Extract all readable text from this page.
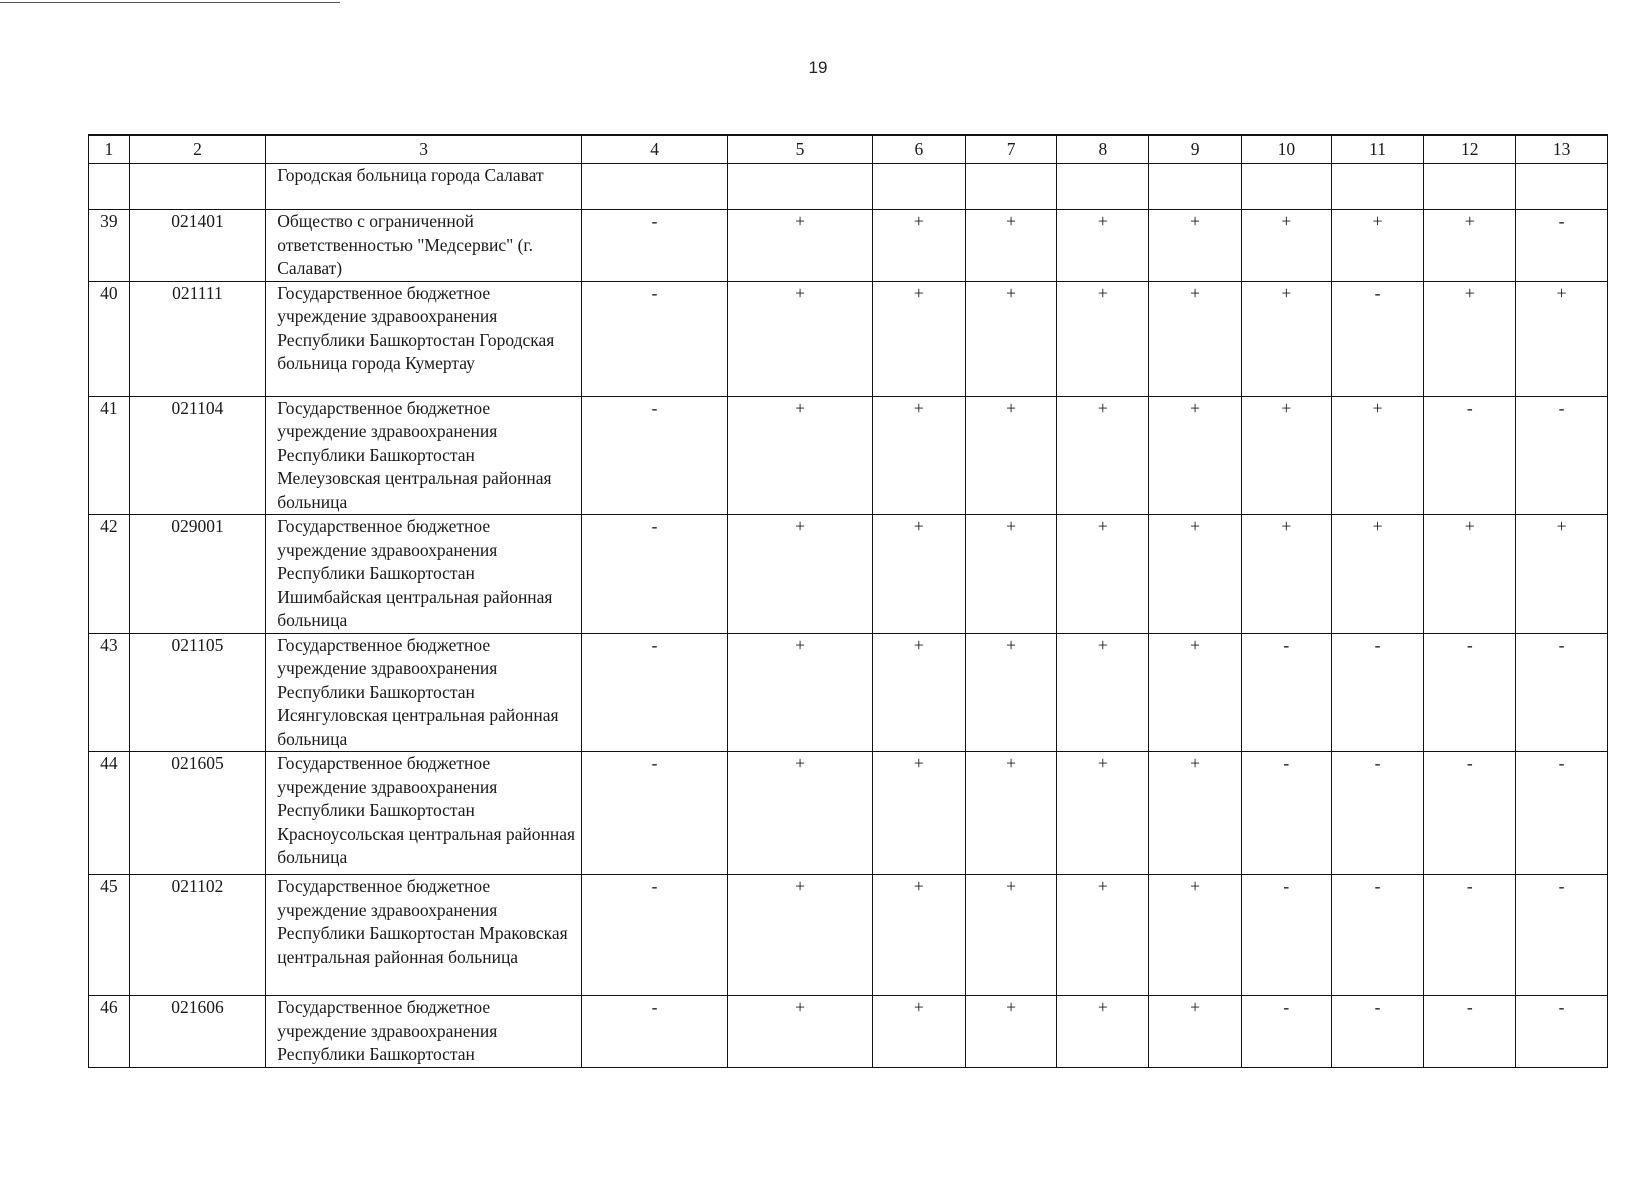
19
1	2	3	4	5	6	7	8	9	10	11	12	13
		Городская больница города Салават										
39	021401	Общество с ограниченной ответственностью "Медсервис" (г. Салават)	-	+	+	+	+	+	+	+	+	-
40	021111	Государственное бюджетное учреждение здравоохранения Республики Башкортостан Городская больница города Кумертау	-	+	+	+	+	+	+	-	+	+
41	021104	Государственное бюджетное учреждение здравоохранения Республики Башкортостан Мелеузовская центральная районная больница	-	+	+	+	+	+	+	+	-	-
42	029001	Государственное бюджетное учреждение здравоохранения Республики Башкортостан Ишимбайская центральная районная больница	-	+	+	+	+	+	+	+	+	+
43	021105	Государственное бюджетное учреждение здравоохранения Республики Башкортостан Исянгуловская центральная районная больница	-	+	+	+	+	+	-	-	-	-
44	021605	Государственное бюджетное учреждение здравоохранения Республики Башкортостан Красноусольская центральная районная больница	-	+	+	+	+	+	-	-	-	-
45	021102	Государственное бюджетное учреждение здравоохранения Республики Башкортостан Мраковская центральная районная больница	-	+	+	+	+	+	-	-	-	-
46	021606	Государственное бюджетное учреждение здравоохранения Республики Башкортостан	-	+	+	+	+	+	-	-	-	-
